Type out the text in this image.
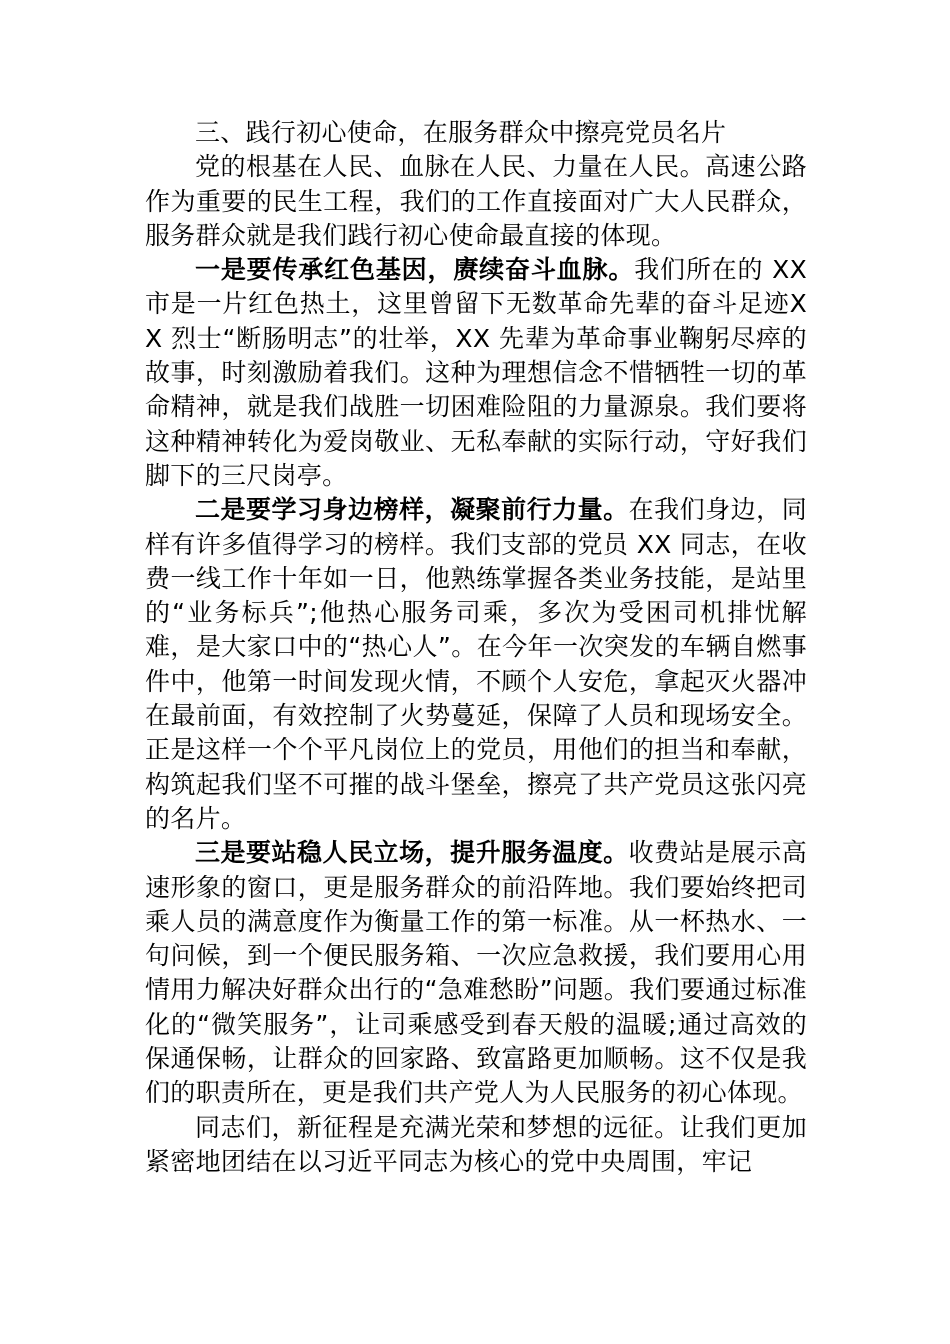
三、践行初心使命，在服务群众中擦亮党员名片

党的根基在人民、血脉在人民、力量在人民。高速公路作为重要的民生工程，我们的工作直接面对广大人民群众，服务群众就是我们践行初心使命最直接的体现。

一是要传承红色基因，赓续奋斗血脉。我们所在的 XX 市是一片红色热土，这里曾留下无数革命先辈的奋斗足迹XX 烈士“断肠明志”的壮举，XX 先辈为革命事业鞠躬尽瘁的故事，时刻激励着我们。这种为理想信念不惜牺牲一切的革命精神，就是我们战胜一切困难险阻的力量源泉。我们要将这种精神转化为爱岗敬业、无私奉献的实际行动，守好我们脚下的三尺岗亭。

二是要学习身边榜样，凝聚前行力量。在我们身边，同样有许多值得学习的榜样。我们支部的党员 XX 同志，在收费一线工作十年如一日，他熟练掌握各类业务技能，是站里的“业务标兵”;他热心服务司乘，多次为受困司机排忧解难，是大家口中的“热心人”。在今年一次突发的车辆自燃事件中，他第一时间发现火情，不顾个人安危，拿起灭火器冲在最前面，有效控制了火势蔓延，保障了人员和现场安全。正是这样一个个平凡岗位上的党员，用他们的担当和奉献，构筑起我们坚不可摧的战斗堡垒，擦亮了共产党员这张闪亮的名片。

三是要站稳人民立场，提升服务温度。收费站是展示高速形象的窗口，更是服务群众的前沿阵地。我们要始终把司乘人员的满意度作为衡量工作的第一标准。从一杯热水、一句问候，到一个便民服务箱、一次应急救援，我们要用心用情用力解决好群众出行的“急难愁盼”问题。我们要通过标准化的“微笑服务”，让司乘感受到春天般的温暖;通过高效的保通保畅，让群众的回家路、致富路更加顺畅。这不仅是我们的职责所在，更是我们共产党人为人民服务的初心体现。

同志们，新征程是充满光荣和梦想的远征。让我们更加紧密地团结在以习近平同志为核心的党中央周围，牢记
